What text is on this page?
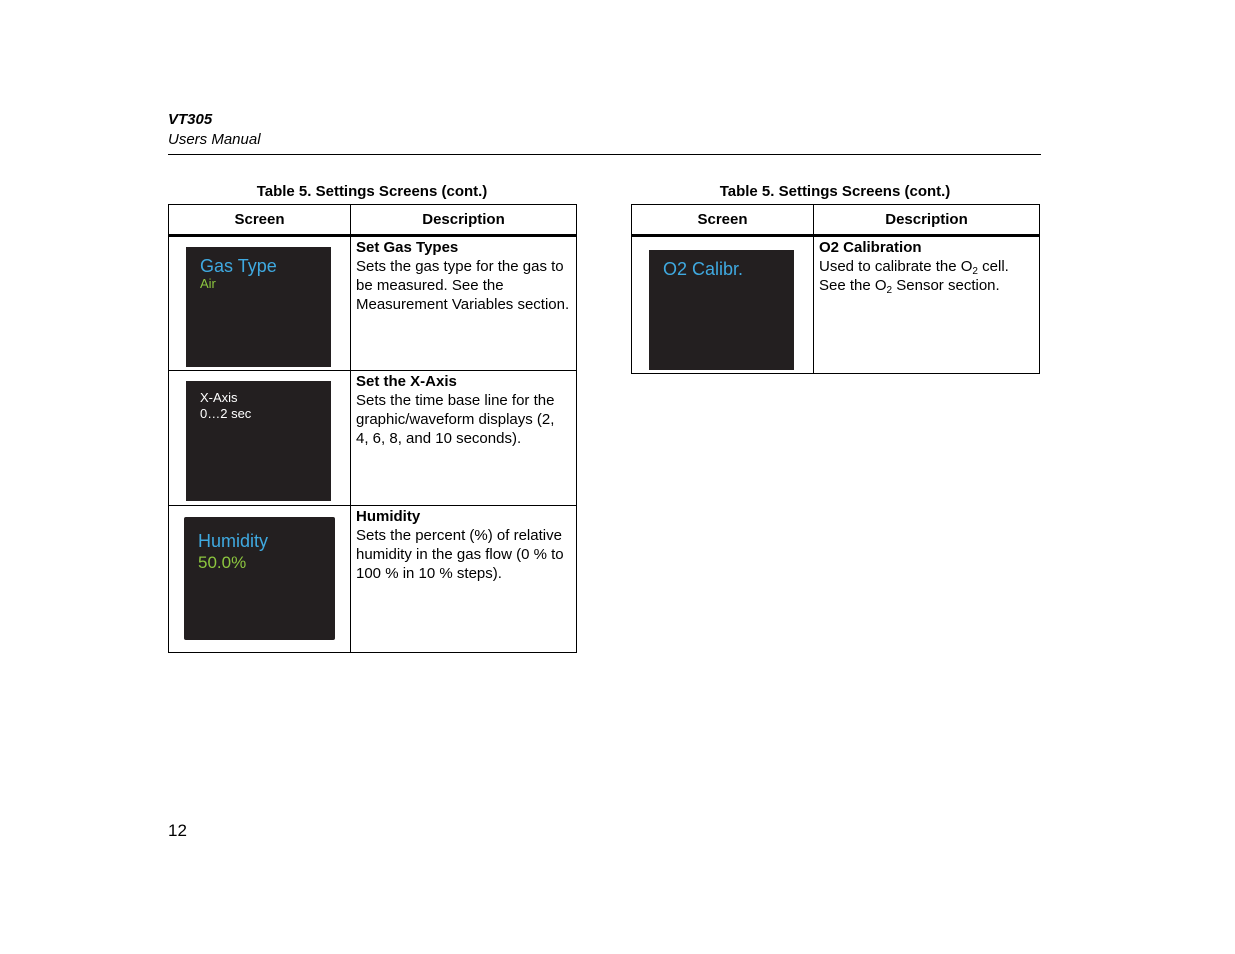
VT305
Users Manual
Table 5. Settings Screens (cont.)
Screen	Description

Gas Type
Air	Set Gas Types
Sets the gas type for the gas to be measured. See the Measurement Variables section.

X-Axis
0…2 sec	Set the X-Axis
Sets the time base line for the graphic/waveform displays (2, 4, 6, 8, and 10 seconds).

Humidity
50.0%	Humidity
Sets the percent (%) of relative humidity in the gas flow (0 % to 100 % in 10 % steps).
Table 5. Settings Screens (cont.)
Screen	Description

O2 Calibr.	O2 Calibration
Used to calibrate the $O_2$ cell.
See the $O_2$ Sensor section.
12
